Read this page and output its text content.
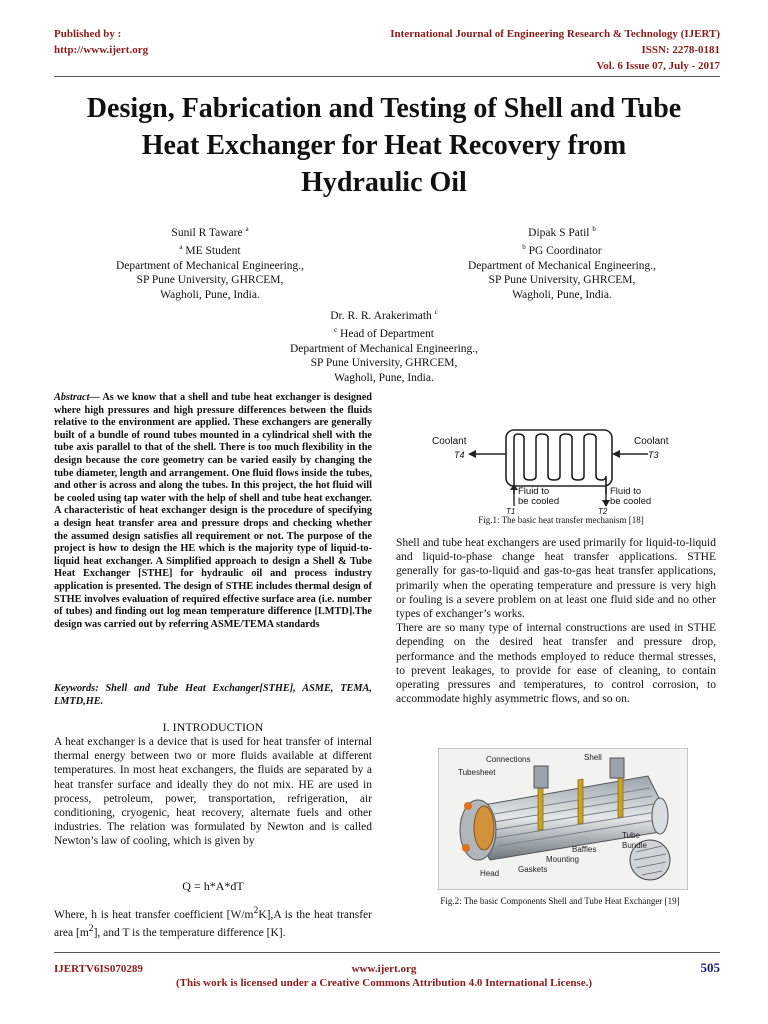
Published by :
http://www.ijert.org
International Journal of Engineering Research & Technology (IJERT)
ISSN: 2278-0181
Vol. 6 Issue 07, July - 2017
Design, Fabrication and Testing of Shell and Tube
Heat Exchanger for Heat Recovery from
Hydraulic Oil
Sunil R Taware $^a$
$^a$ ME Student
Department of Mechanical Engineering.,
SP Pune University, GHRCEM,
Wagholi, Pune, India.
Dipak S Patil $^b$
$^b$ PG Coordinator
Department of Mechanical Engineering.,
SP Pune University, GHRCEM,
Wagholi, Pune, India.
Dr. R. R. Arakerimath $^c$
$^c$ Head of Department
Department of Mechanical Engineering.,
SP Pune University, GHRCEM,
Wagholi, Pune, India.

Abstract— As we know that a shell and tube heat exchanger is designed where high pressures and high pressure differences between the fluids relative to the environment are applied. These exchangers are generally built of a bundle of round tubes mounted in a cylindrical shell with the tube axis parallel to that of the shell. There is too much flexibility in the design because the core geometry can be varied easily by changing the tube diameter, length and arrangement. One fluid flows inside the tubes, and other is across and along the tubes. In this project, the hot fluid will be cooled using tap water with the help of shell and tube heat exchanger. A characteristic of heat exchanger design is the procedure of specifying a design heat transfer area and pressure drops and checking whether the assumed design satisfies all requirement or not. The purpose of the project is how to design the HE which is the majority type of liquid-to-liquid heat exchanger. A Simplified approach to design a Shell & Tube Heat Exchanger [STHE] for hydraulic oil and process industry application is presented. The design of STHE includes thermal design of STHE involves evaluation of required effective surface area (i.e. number of tubes) and finding out log mean temperature difference [LMTD].The design was carried out by referring ASME/TEMA standards

Keywords: Shell and Tube Heat Exchanger[STHE], ASME, TEMA, LMTD,HE.

I. INTRODUCTION

A heat exchanger is a device that is used for heat transfer of internal thermal energy between two or more fluids available at different temperatures. In most heat exchangers, the fluids are separated by a heat transfer surface and ideally they do not mix. HE are used in process, petroleum, power, transportation, refrigeration, air conditioning, cryogenic, heat recovery, alternate fuels and other industries. The relation was formulated by Newton and is called Newton’s law of cooling, which is given by

Q = h*A*dT

Where, h is heat transfer coefficient $[W/m^2K],A$ is the heat transfer area $[m^2]$, and T is the temperature difference [K].

Coolant
T4
Coolant
T3
Fluid to
be cooled
T1
Fluid to
be cooled
T2
Fig.1: The basic heat transfer mechanism [18]

Shell and tube heat exchangers are used primarily for liquid-to-liquid and liquid-to-phase change heat transfer applications. STHE generally for gas-to-liquid and gas-to-gas heat transfer applications, primarily when the operating temperature and pressure is very high or fouling is a severe problem on at least one fluid side and no other types of exchanger’s works.

There are so many type of internal constructions are used in STHE depending on the desired heat transfer and pressure drop, performance and the methods employed to reduce thermal stresses, to prevent leakages, to provide for ease of cleaning, to contain operating pressures and temperatures, to control corrosion, to accommodate highly asymmetric flows, and so on.

Connections	Shell
Tubesheet
Baffles
Mounting
Gaskets
Head
Tube
Bundle
Fig.2: The basic Components Shell and Tube Heat Exchanger [19]
IJERTV6IS070289	www.ijert.org
(This work is licensed under a Creative Commons Attribution 4.0 International License.)
505
